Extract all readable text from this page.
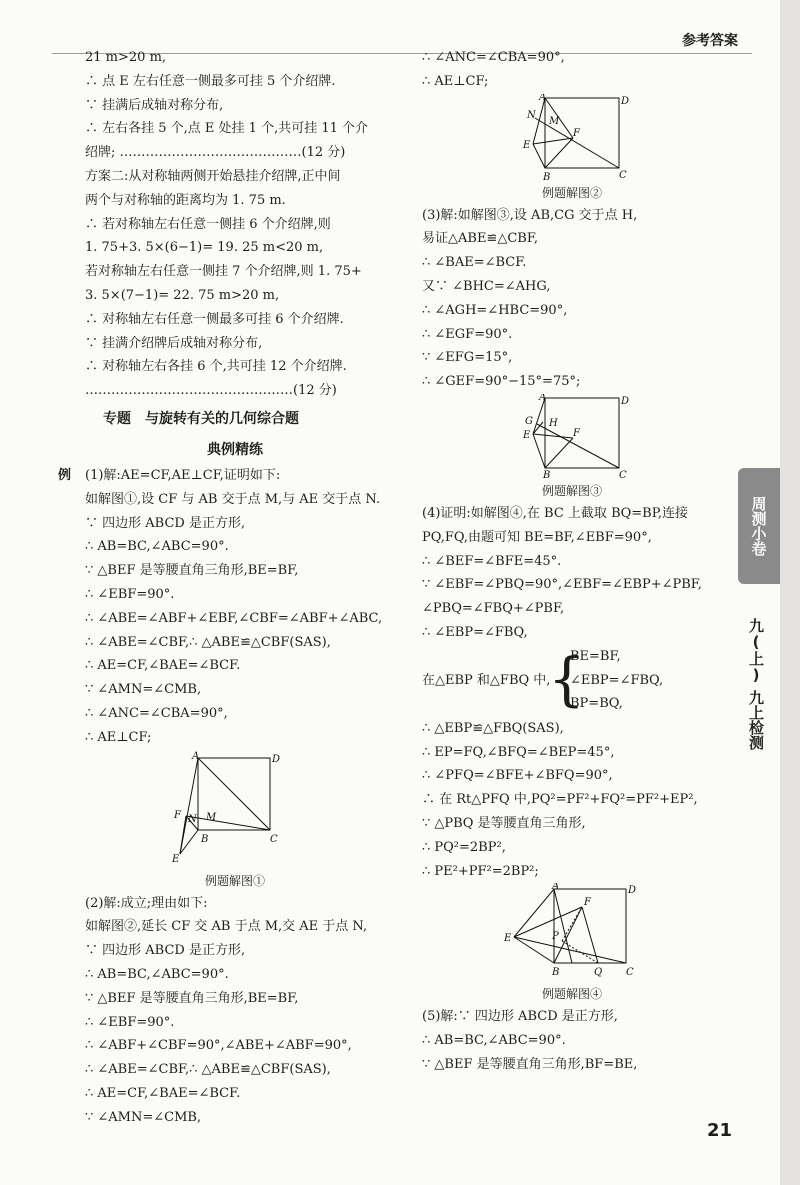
参考答案
21 m>20 m,
∴ 点 E 左右任意一侧最多可挂 5 个介绍牌.
∵ 挂满后成轴对称分布,
∴ 左右各挂 5 个,点 E 处挂 1 个,共可挂 11 个介
绍牌; ……………………………………(12 分)
方案二:从对称轴两侧开始悬挂介绍牌,正中间
两个与对称轴的距离均为 1. 75 m.
∴ 若对称轴左右任意一侧挂 6 个介绍牌,则
1. 75+3. 5×(6−1)= 19. 25 m<20 m,
若对称轴左右任意一侧挂 7 个介绍牌,则 1. 75+
3. 5×(7−1)= 22. 75 m>20 m,
∴ 对称轴左右任意一侧最多可挂 6 个介绍牌.
∵ 挂满介绍牌后成轴对称分布,
∴ 对称轴左右各挂 6 个,共可挂 12 个介绍牌.
…………………………………………(12 分)
专题　与旋转有关的几何综合题
典例精练
(1)解:AE=CF,AE⊥CF,证明如下:
如解图①,设 CF 与 AB 交于点 M,与 AE 交于点 N.
∵ 四边形 ABCD 是正方形,
∴ AB=BC,∠ABC=90°.
∵ △BEF 是等腰直角三角形,BE=BF,
∴ ∠EBF=90°.
∴ ∠ABE=∠ABF+∠EBF,∠CBF=∠ABF+∠ABC,
∴ ∠ABE=∠CBF,∴ △ABE≌△CBF(SAS),
∴ AE=CF,∠BAE=∠BCF.
∵ ∠AMN=∠CMB,
∴ ∠ANC=∠CBA=90°,
∴ AE⊥CF;
A	D
N M
F
B	C
E
例题解图①
(2)解:成立;理由如下:
如解图②,延长 CF 交 AB 于点 M,交 AE 于点 N,
∵ 四边形 ABCD 是正方形,
∴ AB=BC,∠ABC=90°.
∵ △BEF 是等腰直角三角形,BE=BF,
∴ ∠EBF=90°.
∴ ∠ABF+∠CBF=90°,∠ABE+∠ABF=90°,
∴ ∠ABE=∠CBF,∴ △ABE≌△CBF(SAS),
∴ AE=CF,∠BAE=∠BCF.
∵ ∠AMN=∠CMB,
∴ ∠ANC=∠CBA=90°,
∴ AE⊥CF;
A	D
N
M
E
F
B	C
例题解图②
(3)解:如解图③,设 AB,CG 交于点 H,
易证△ABE≌△CBF,
∴ ∠BAE=∠BCF.
又∵ ∠BHC=∠AHG,
∴ ∠AGH=∠HBC=90°,
∴ ∠EGF=90°.
∵ ∠EFG=15°,
∴ ∠GEF=90°−15°=75°;
A	D
G H
E	F
B	C
例题解图③
(4)证明:如解图④,在 BC 上截取 BQ=BP,连接
PQ,FQ,由题可知 BE=BF,∠EBF=90°,
∴ ∠BEF=∠BFE=45°.
∵ ∠EBF=∠PBQ=90°,∠EBF=∠EBP+∠PBF,
∠PBQ=∠FBQ+∠PBF,
∴ ∠EBP=∠FBQ,
在△EBP 和△FBQ 中,
{
BE=BF,
∠EBP=∠FBQ,
BP=BQ,
∴ △EBP≌△FBQ(SAS),
∴ EP=FQ,∠BFQ=∠BEP=45°,
∴ ∠PFQ=∠BFE+∠BFQ=90°,
∴ 在 Rt△PFQ 中,PQ²=PF²+FQ²=PF²+EP²,
∵ △PBQ 是等腰直角三角形,
∴ PQ²=2BP²,
∴ PE²+PF²=2BP²;
A	D
F
E	P
B	Q C
例题解图④
(5)解:∵ 四边形 ABCD 是正方形,
∴ AB=BC,∠ABC=90°.
∵ △BEF 是等腰直角三角形,BF=BE,
例
周测小卷
九(上)
九上检测
21
